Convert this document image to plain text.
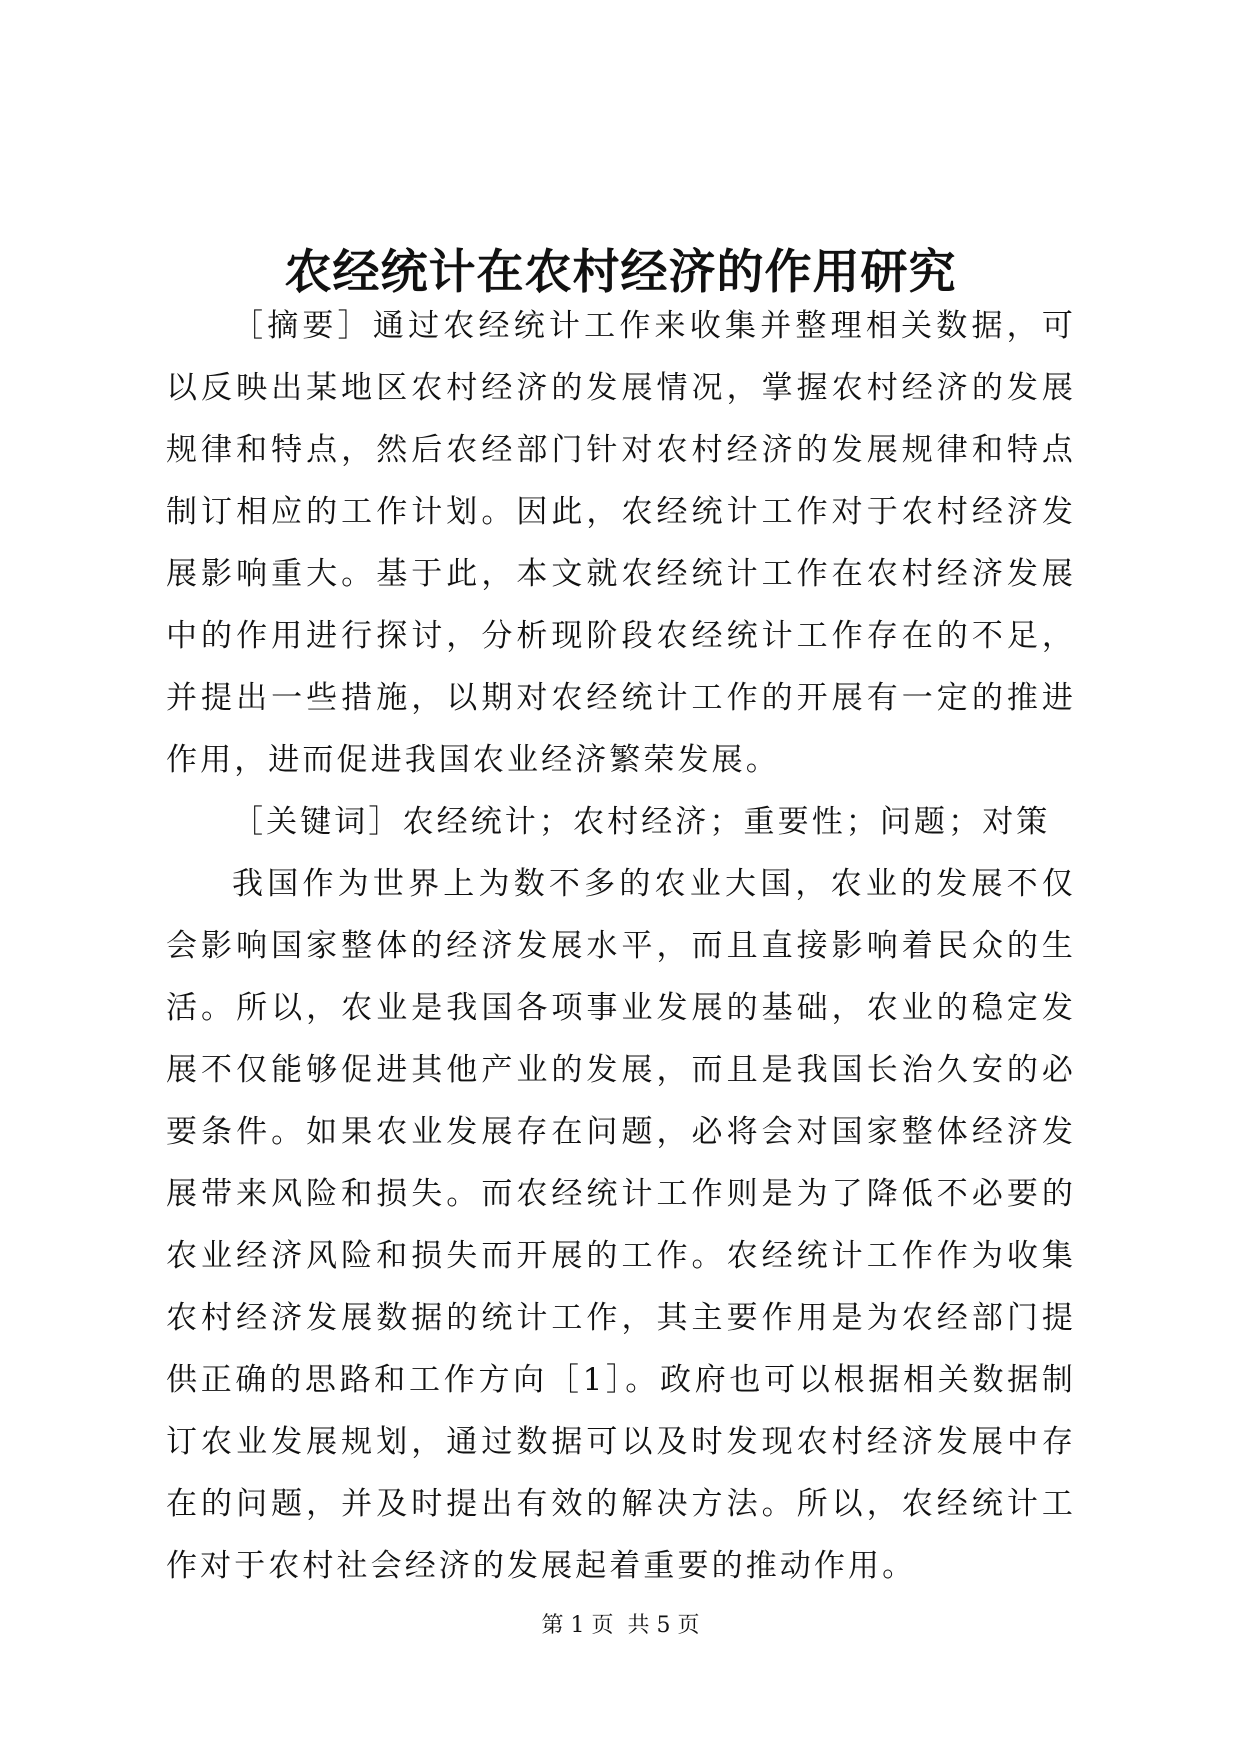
农经统计在农村经济的作用研究

［摘要］通过农经统计工作来收集并整理相关数据，可以反映出某地区农村经济的发展情况，掌握农村经济的发展规律和特点，然后农经部门针对农村经济的发展规律和特点制订相应的工作计划。因此，农经统计工作对于农村经济发展影响重大。基于此，本文就农经统计工作在农村经济发展中的作用进行探讨，分析现阶段农经统计工作存在的不足，并提出一些措施，以期对农经统计工作的开展有一定的推进作用，进而促进我国农业经济繁荣发展。

［关键词］农经统计；农村经济；重要性；问题；对策

我国作为世界上为数不多的农业大国，农业的发展不仅会影响国家整体的经济发展水平，而且直接影响着民众的生活。所以，农业是我国各项事业发展的基础，农业的稳定发展不仅能够促进其他产业的发展，而且是我国长治久安的必要条件。如果农业发展存在问题，必将会对国家整体经济发展带来风险和损失。而农经统计工作则是为了降低不必要的农业经济风险和损失而开展的工作。农经统计工作作为收集农村经济发展数据的统计工作，其主要作用是为农经部门提供正确的思路和工作方向［1］。政府也可以根据相关数据制订农业发展规划，通过数据可以及时发现农村经济发展中存在的问题，并及时提出有效的解决方法。所以，农经统计工作对于农村社会经济的发展起着重要的推动作用。

第 1 页 共 5 页
